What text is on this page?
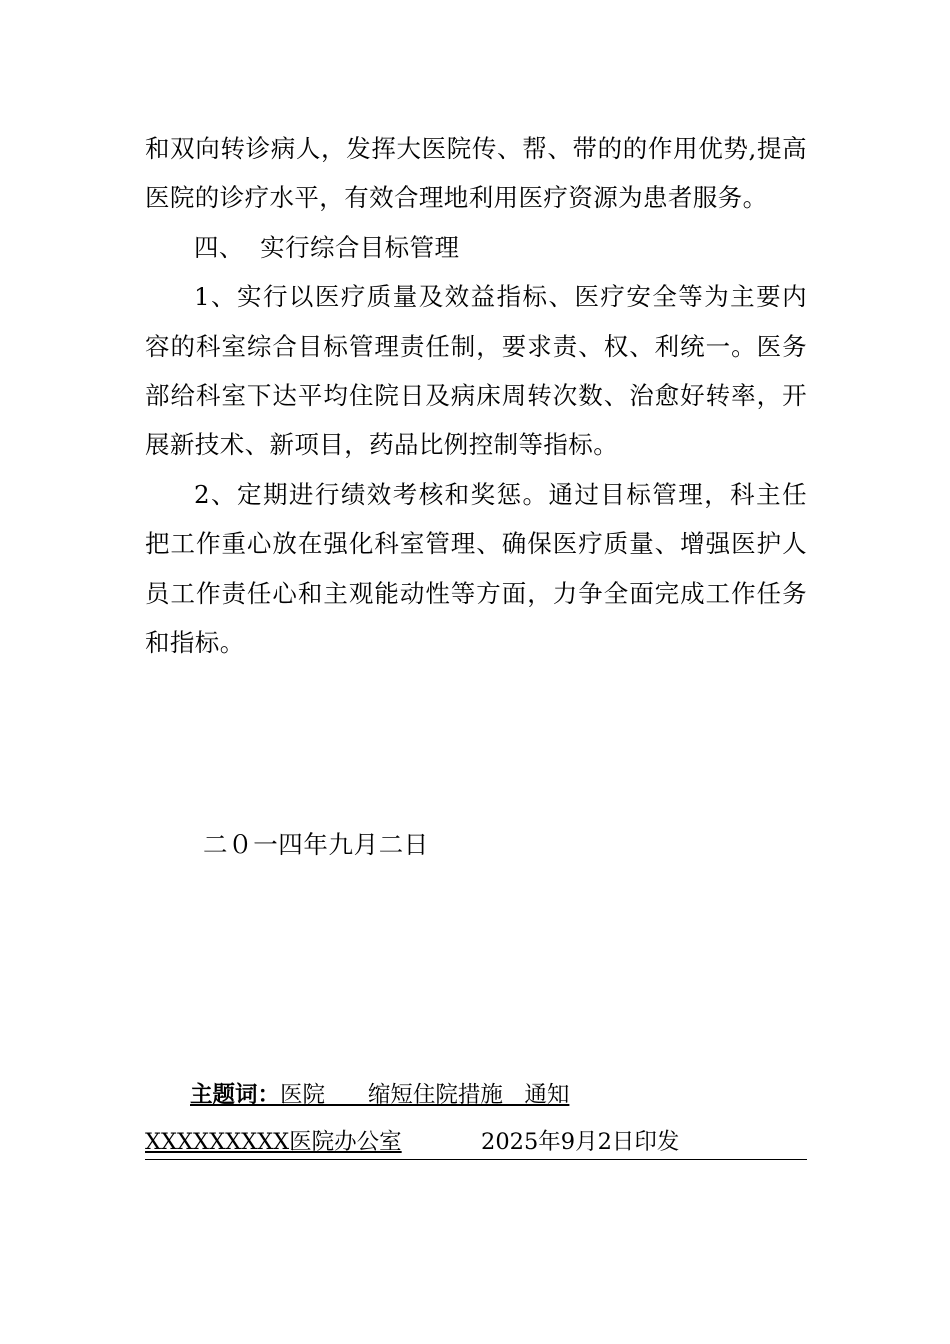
和双向转诊病人，发挥大医院传、帮、带的的作用优势,提高医院的诊疗水平，有效合理地利用医疗资源为患者服务。

四、  实行综合目标管理

1、实行以医疗质量及效益指标、医疗安全等为主要内容的科室综合目标管理责任制，要求责、权、利统一。医务部给科室下达平均住院日及病床周转次数、治愈好转率，开展新技术、新项目，药品比例控制等指标。

2、定期进行绩效考核和奖惩。通过目标管理，科主任把工作重心放在强化科室管理、确保医疗质量、增强医护人员工作责任心和主观能动性等方面，力争全面完成工作任务和指标。

二０一四年九月二日
主题词：医院      缩短住院措施   通知

XXXXXXXXX医院办公室

	2025年9月2日印发
